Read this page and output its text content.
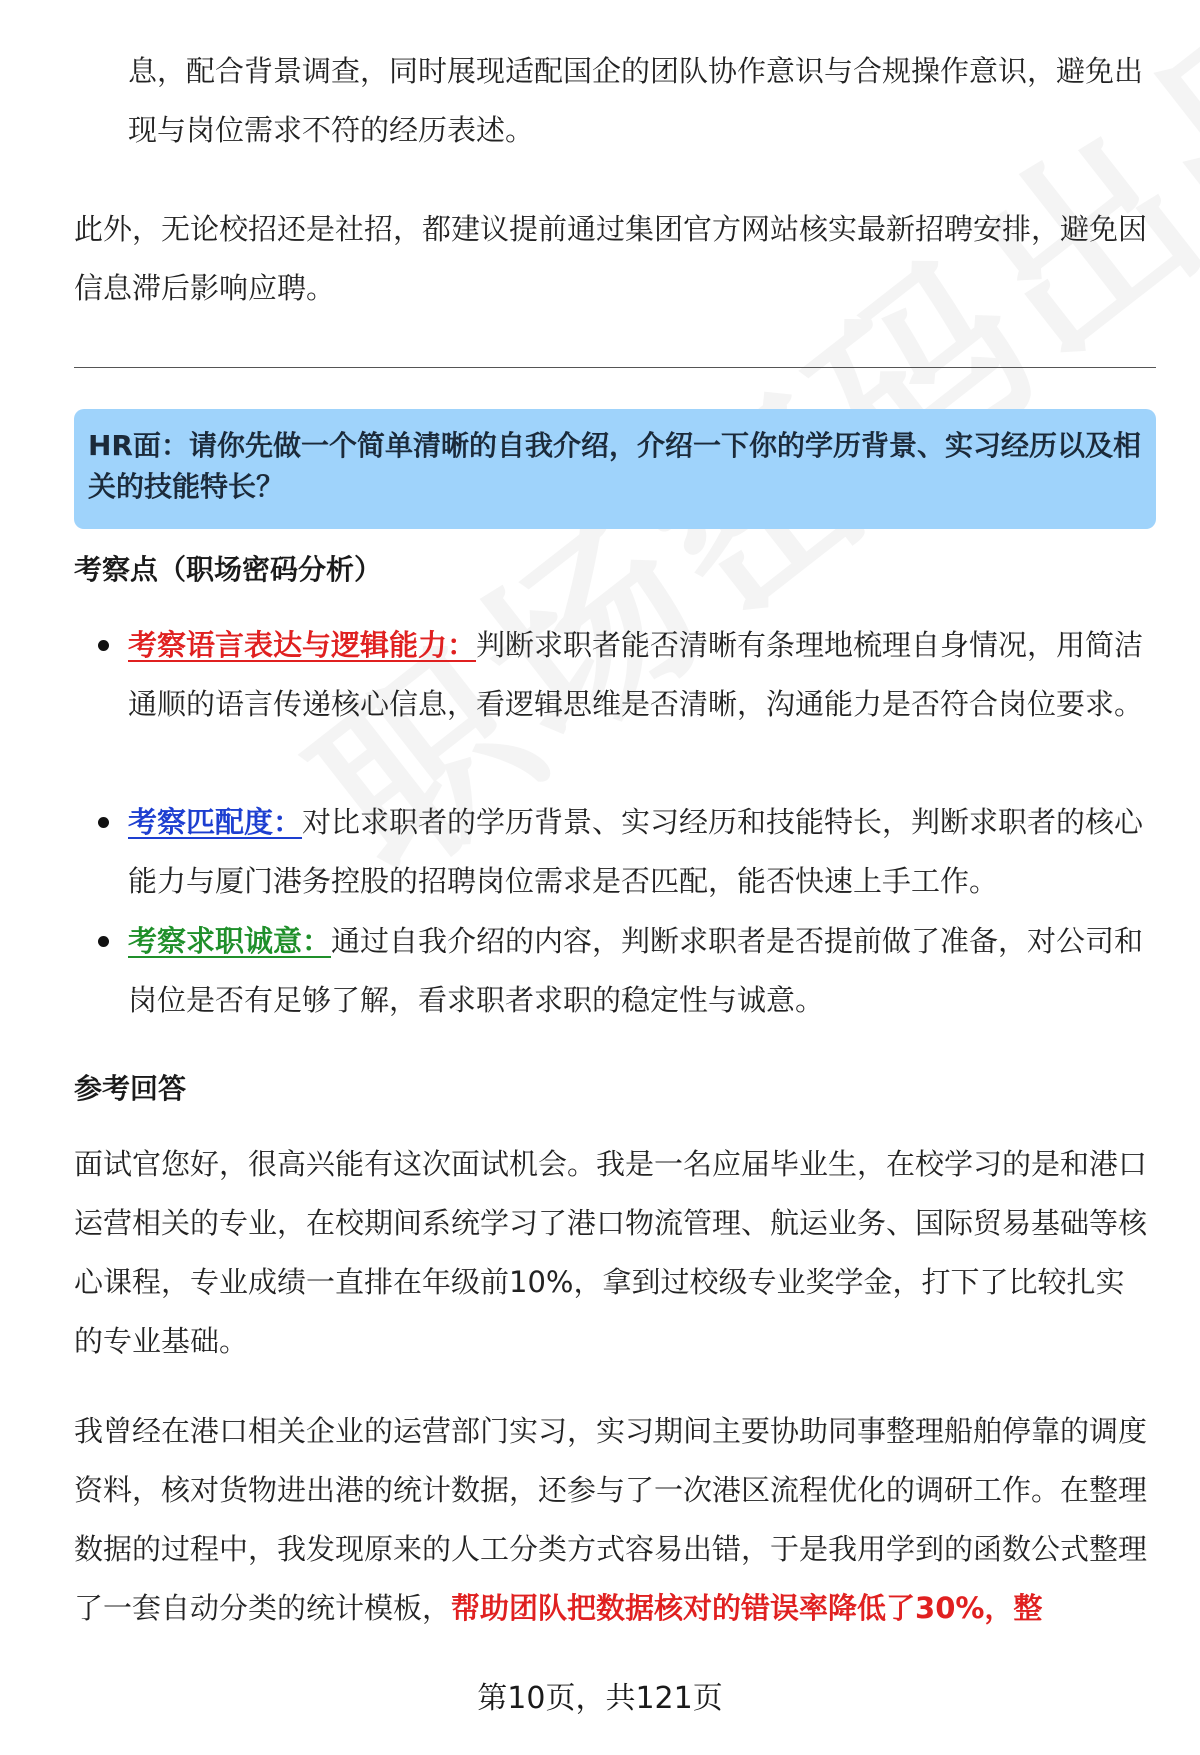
息，配合背景调查，同时展现适配国企的团队协作意识与合规操作意识，避免出现与岗位需求不符的经历表述。

此外，无论校招还是社招，都建议提前通过集团官方网站核实最新招聘安排，避免因信息滞后影响应聘。

HR面：请你先做一个简单清晰的自我介绍，介绍一下你的学历背景、实习经历以及相关的技能特长？

考察点（职场密码分析）

考察语言表达与逻辑能力：判断求职者能否清晰有条理地梳理自身情况，用简洁通顺的语言传递核心信息，看逻辑思维是否清晰，沟通能力是否符合岗位要求。

考察匹配度：对比求职者的学历背景、实习经历和技能特长，判断求职者的核心能力与厦门港务控股的招聘岗位需求是否匹配，能否快速上手工作。

考察求职诚意：通过自我介绍的内容，判断求职者是否提前做了准备，对公司和岗位是否有足够了解，看求职者求职的稳定性与诚意。

参考回答

面试官您好，很高兴能有这次面试机会。我是一名应届毕业生，在校学习的是和港口运营相关的专业，在校期间系统学习了港口物流管理、航运业务、国际贸易基础等核心课程，专业成绩一直排在年级前10%，拿到过校级专业奖学金，打下了比较扎实的专业基础。

我曾经在港口相关企业的运营部门实习，实习期间主要协助同事整理船舶停靠的调度资料，核对货物进出港的统计数据，还参与了一次港区流程优化的调研工作。在整理数据的过程中，我发现原来的人工分类方式容易出错，于是我用学到的函数公式整理了一套自动分类的统计模板，帮助团队把数据核对的错误率降低了30%，整

第10页，共121页
